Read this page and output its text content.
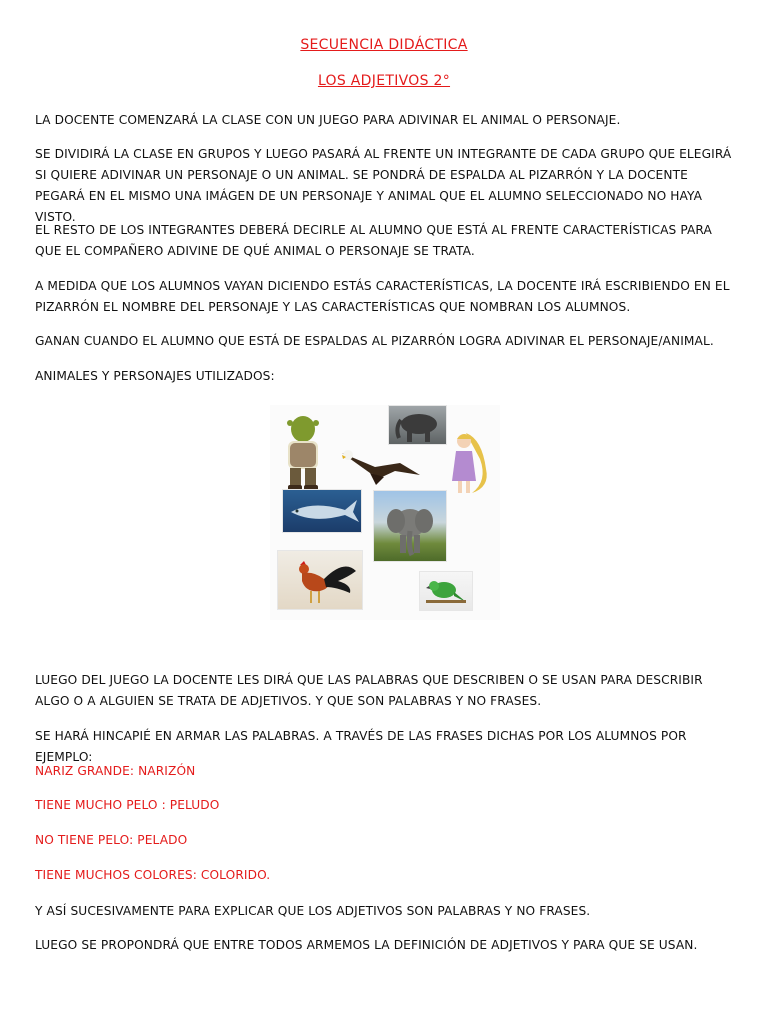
SECUENCIA DIDÁCTICA
LOS ADJETIVOS 2°

LA DOCENTE COMENZARÁ LA CLASE CON UN JUEGO PARA ADIVINAR EL ANIMAL O PERSONAJE.

SE DIVIDIRÁ LA CLASE EN GRUPOS Y LUEGO PASARÁ AL FRENTE UN INTEGRANTE DE CADA GRUPO QUE ELEGIRÁ SI QUIERE ADIVINAR UN PERSONAJE O UN ANIMAL. SE PONDRÁ DE ESPALDA AL PIZARRÓN Y LA DOCENTE PEGARÁ EN EL MISMO UNA IMÁGEN DE UN PERSONAJE Y ANIMAL QUE EL ALUMNO SELECCIONADO NO HAYA VISTO.

EL RESTO DE LOS INTEGRANTES DEBERÁ DECIRLE AL ALUMNO QUE ESTÁ AL FRENTE CARACTERÍSTICAS PARA QUE EL COMPAÑERO ADIVINE DE QUÉ ANIMAL O PERSONAJE SE TRATA.

A MEDIDA QUE LOS ALUMNOS VAYAN DICIENDO ESTÁS CARACTERÍSTICAS, LA DOCENTE IRÁ ESCRIBIENDO EN EL PIZARRÓN EL NOMBRE DEL PERSONAJE Y LAS CARACTERÍSTICAS QUE NOMBRAN LOS ALUMNOS.

GANAN CUANDO EL ALUMNO QUE ESTÁ DE ESPALDAS AL PIZARRÓN LOGRA ADIVINAR EL PERSONAJE/ANIMAL.

ANIMALES Y PERSONAJES UTILIZADOS:

LUEGO DEL JUEGO LA DOCENTE LES DIRÁ QUE LAS PALABRAS QUE DESCRIBEN O SE USAN PARA DESCRIBIR ALGO O A ALGUIEN SE TRATA DE ADJETIVOS. Y QUE SON PALABRAS Y NO FRASES.

SE HARÁ HINCAPIÉ EN ARMAR LAS PALABRAS. A TRAVÉS DE LAS FRASES DICHAS POR LOS ALUMNOS POR EJEMPLO:

NARIZ GRANDE: NARIZÓN

TIENE MUCHO PELO : PELUDO

NO TIENE PELO: PELADO

TIENE MUCHOS COLORES: COLORIDO.

Y ASÍ SUCESIVAMENTE PARA EXPLICAR QUE LOS ADJETIVOS SON PALABRAS Y NO FRASES.

LUEGO SE PROPONDRÁ QUE ENTRE TODOS ARMEMOS LA DEFINICIÓN DE ADJETIVOS Y PARA QUE SE USAN.
